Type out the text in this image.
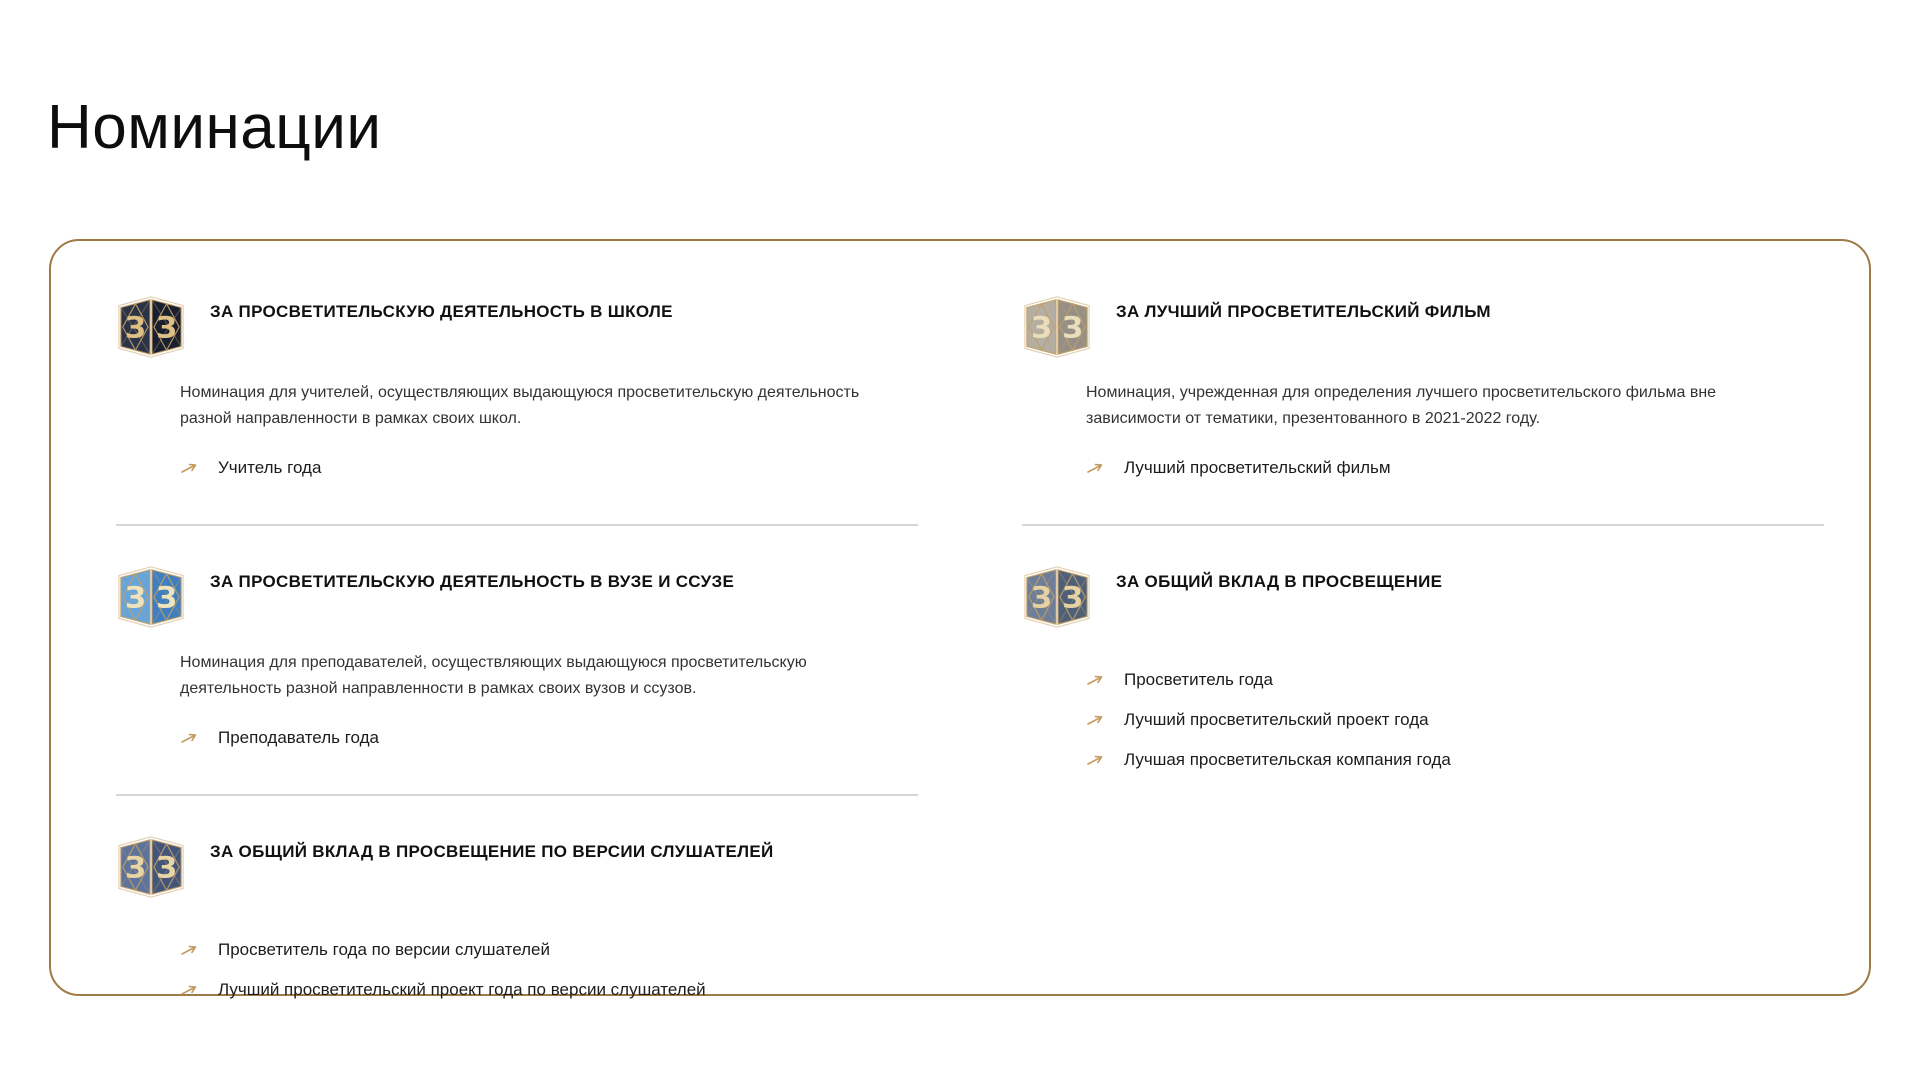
Номинации
З З ЗА ПРОСВЕТИТЕЛЬСКУЮ ДЕЯТЕЛЬНОСТЬ В ШКОЛЕ

Номинация для учителей, осуществляющих выдающуюся просветительскую деятельность разной направленности в рамках своих школ.

Учитель года
З З ЗА ПРОСВЕТИТЕЛЬСКУЮ ДЕЯТЕЛЬНОСТЬ В ВУЗЕ И ССУЗЕ

Номинация для преподавателей, осуществляющих выдающуюся просветительскую деятельность разной направленности в рамках своих вузов и ссузов.

Преподаватель года
З З ЗА ОБЩИЙ ВКЛАД В ПРОСВЕЩЕНИЕ ПО ВЕРСИИ СЛУШАТЕЛЕЙ
Просветитель года по версии слушателей
Лучший просветительский проект года по версии слушателей
З З ЗА ЛУЧШИЙ ПРОСВЕТИТЕЛЬСКИЙ ФИЛЬМ

Номинация, учрежденная для определения лучшего просветительского фильма вне зависимости от тематики, презентованного в 2021-2022 году.

Лучший просветительский фильм
З З ЗА ОБЩИЙ ВКЛАД В ПРОСВЕЩЕНИЕ
Просветитель года
Лучший просветительский проект года
Лучшая просветительская компания года
